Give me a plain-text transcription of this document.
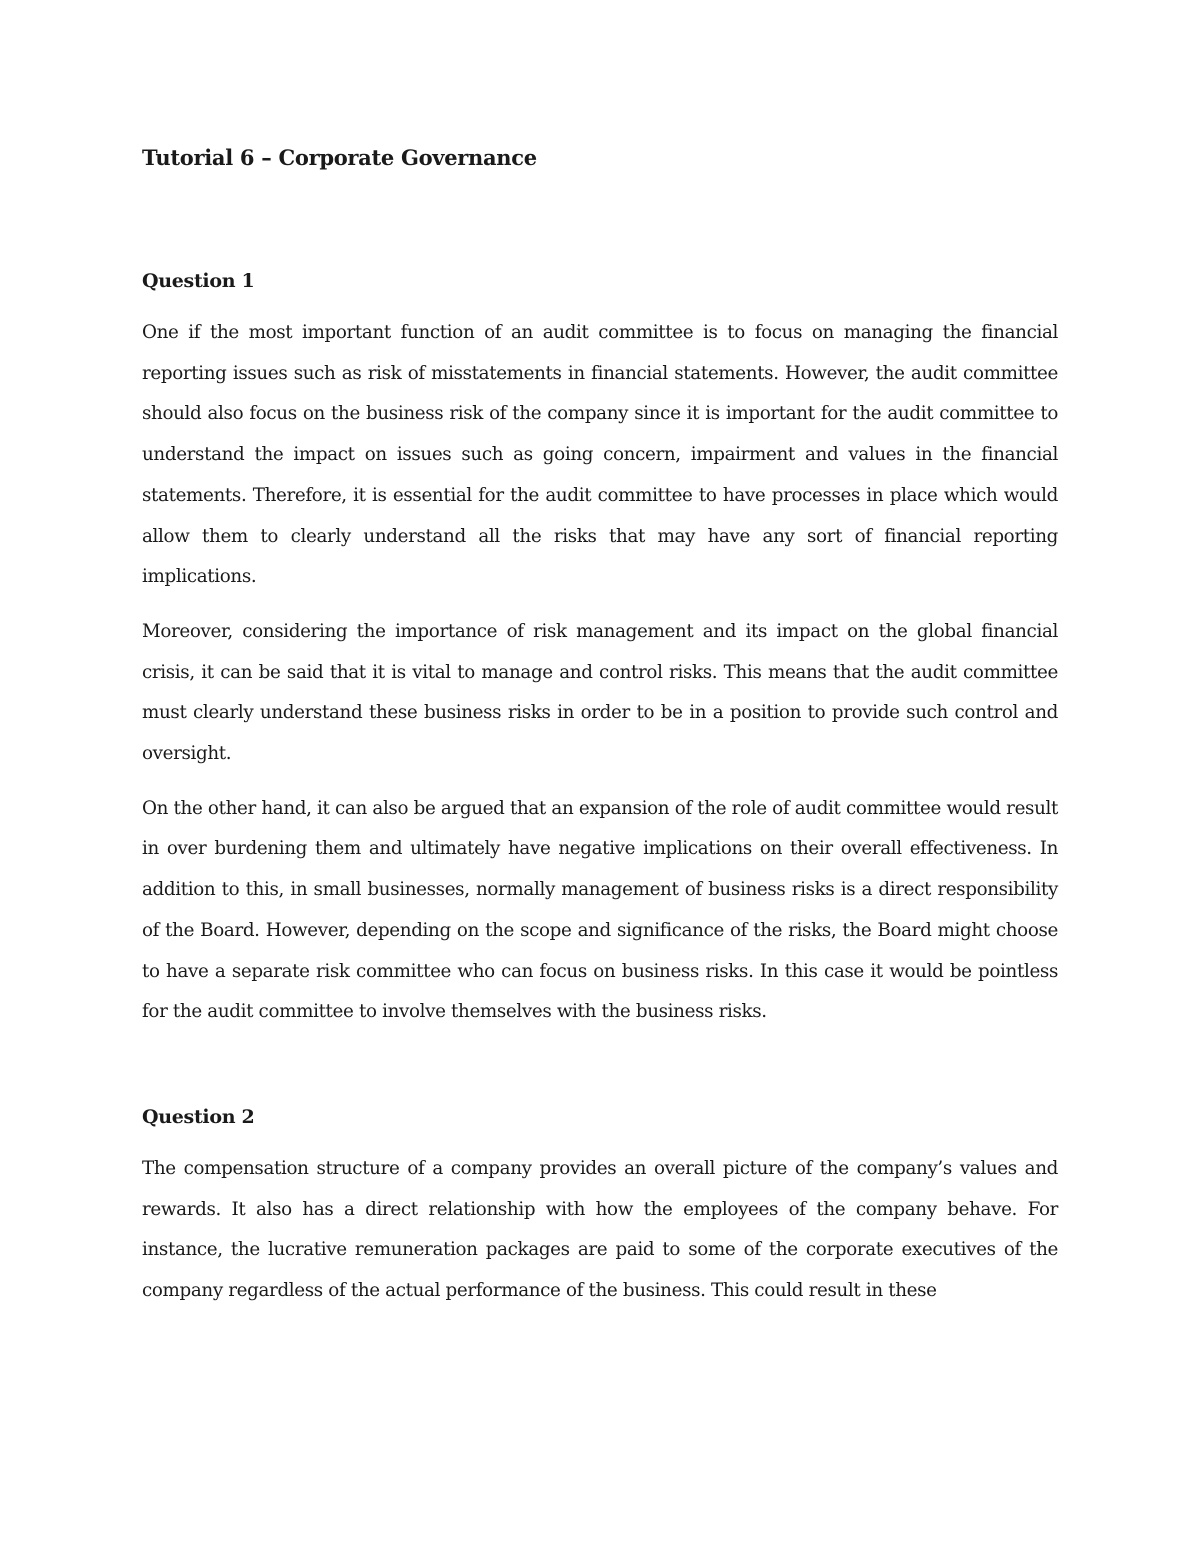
Tutorial 6 – Corporate Governance
Question 1

One if the most important function of an audit committee is to focus on managing the financial reporting issues such as risk of misstatements in financial statements. However, the audit committee should also focus on the business risk of the company since it is important for the audit committee to understand the impact on issues such as going concern, impairment and values in the financial statements. Therefore, it is essential for the audit committee to have processes in place which would allow them to clearly understand all the risks that may have any sort of financial reporting implications.

Moreover, considering the importance of risk management and its impact on the global financial crisis, it can be said that it is vital to manage and control risks. This means that the audit committee must clearly understand these business risks in order to be in a position to provide such control and oversight.

On the other hand, it can also be argued that an expansion of the role of audit committee would result in over burdening them and ultimately have negative implications on their overall effectiveness. In addition to this, in small businesses, normally management of business risks is a direct responsibility of the Board. However, depending on the scope and significance of the risks, the Board might choose to have a separate risk committee who can focus on business risks. In this case it would be pointless for the audit committee to involve themselves with the business risks.

Question 2

The compensation structure of a company provides an overall picture of the company’s values and rewards. It also has a direct relationship with how the employees of the company behave. For instance, the lucrative remuneration packages are paid to some of the corporate executives of the company regardless of the actual performance of the business. This could result in these
